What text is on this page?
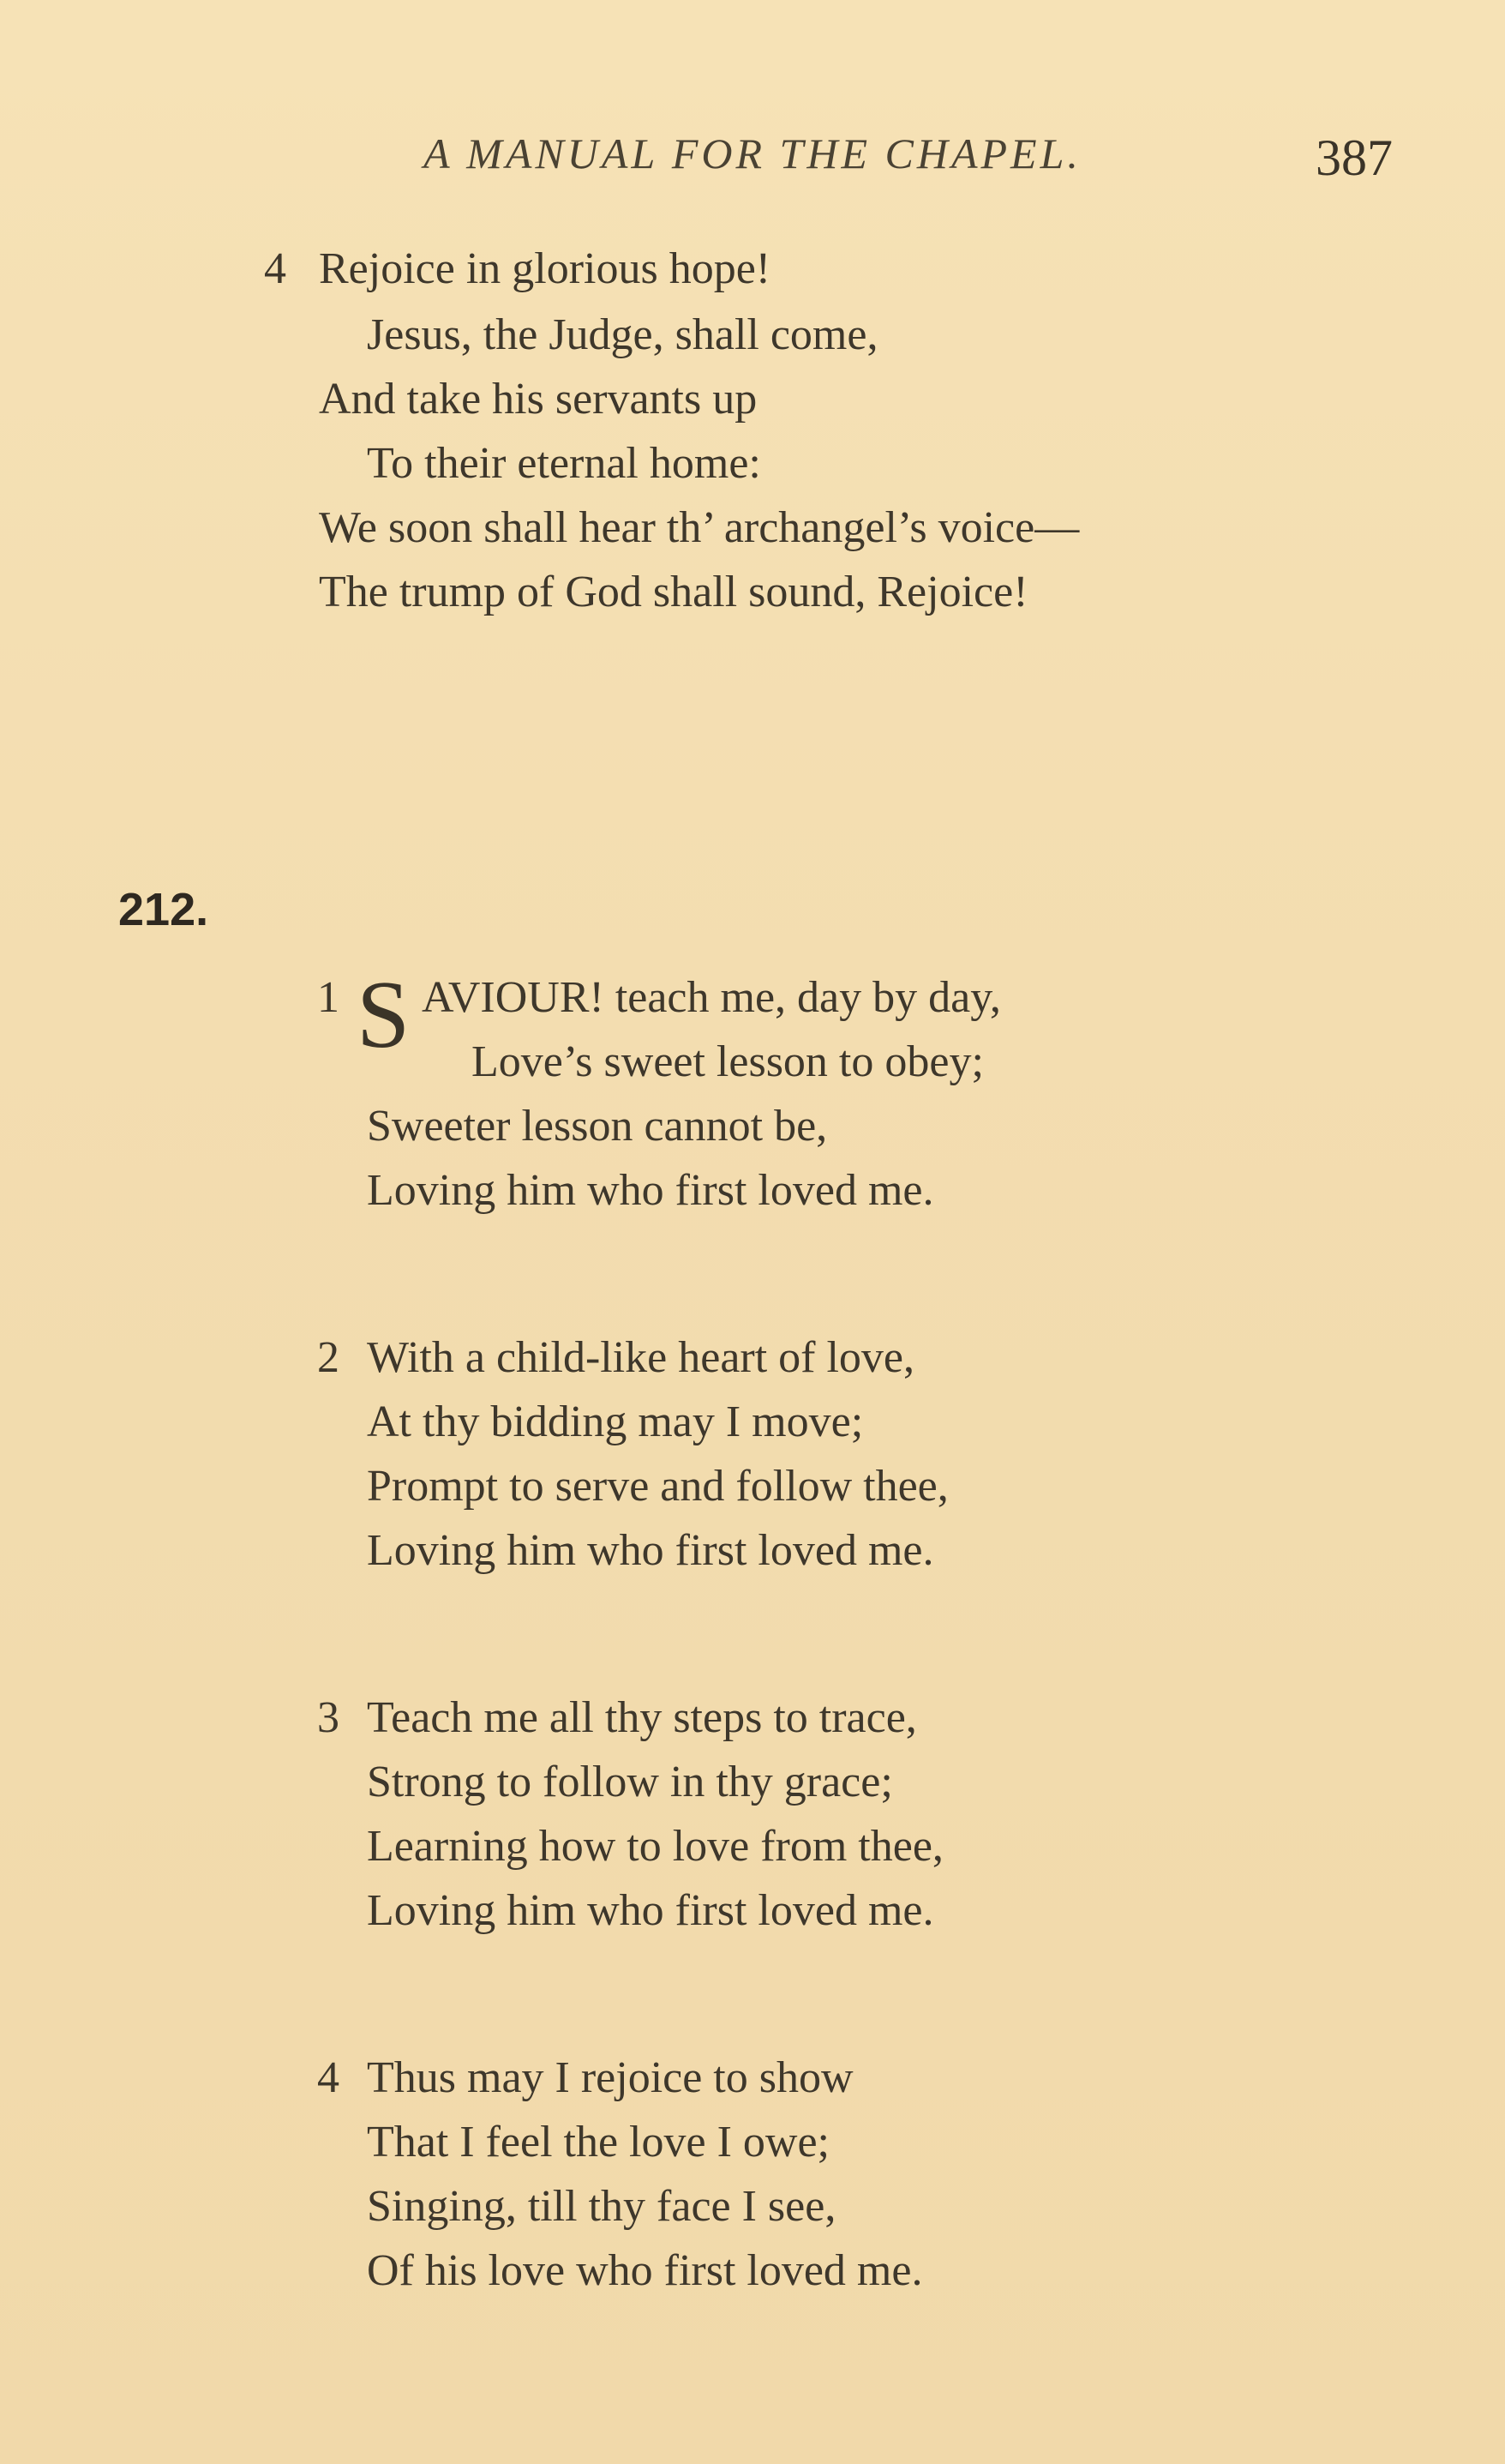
A MANUAL FOR THE CHAPEL.	387
4 Rejoice in glorious hope!
Jesus, the Judge, shall come,
And take his servants up
To their eternal home:
We soon shall hear th’ archangel’s voice—
The trump of God shall sound, Rejoice!
212.
1 S AVIOUR! teach me, day by day,
Love’s sweet lesson to obey;
Sweeter lesson cannot be,
Loving him who first loved me.
2 With a child-like heart of love,
At thy bidding may I move;
Prompt to serve and follow thee,
Loving him who first loved me.
3 Teach me all thy steps to trace,
Strong to follow in thy grace;
Learning how to love from thee,
Loving him who first loved me.
4 Thus may I rejoice to show
That I feel the love I owe;
Singing, till thy face I see,
Of his love who first loved me.
